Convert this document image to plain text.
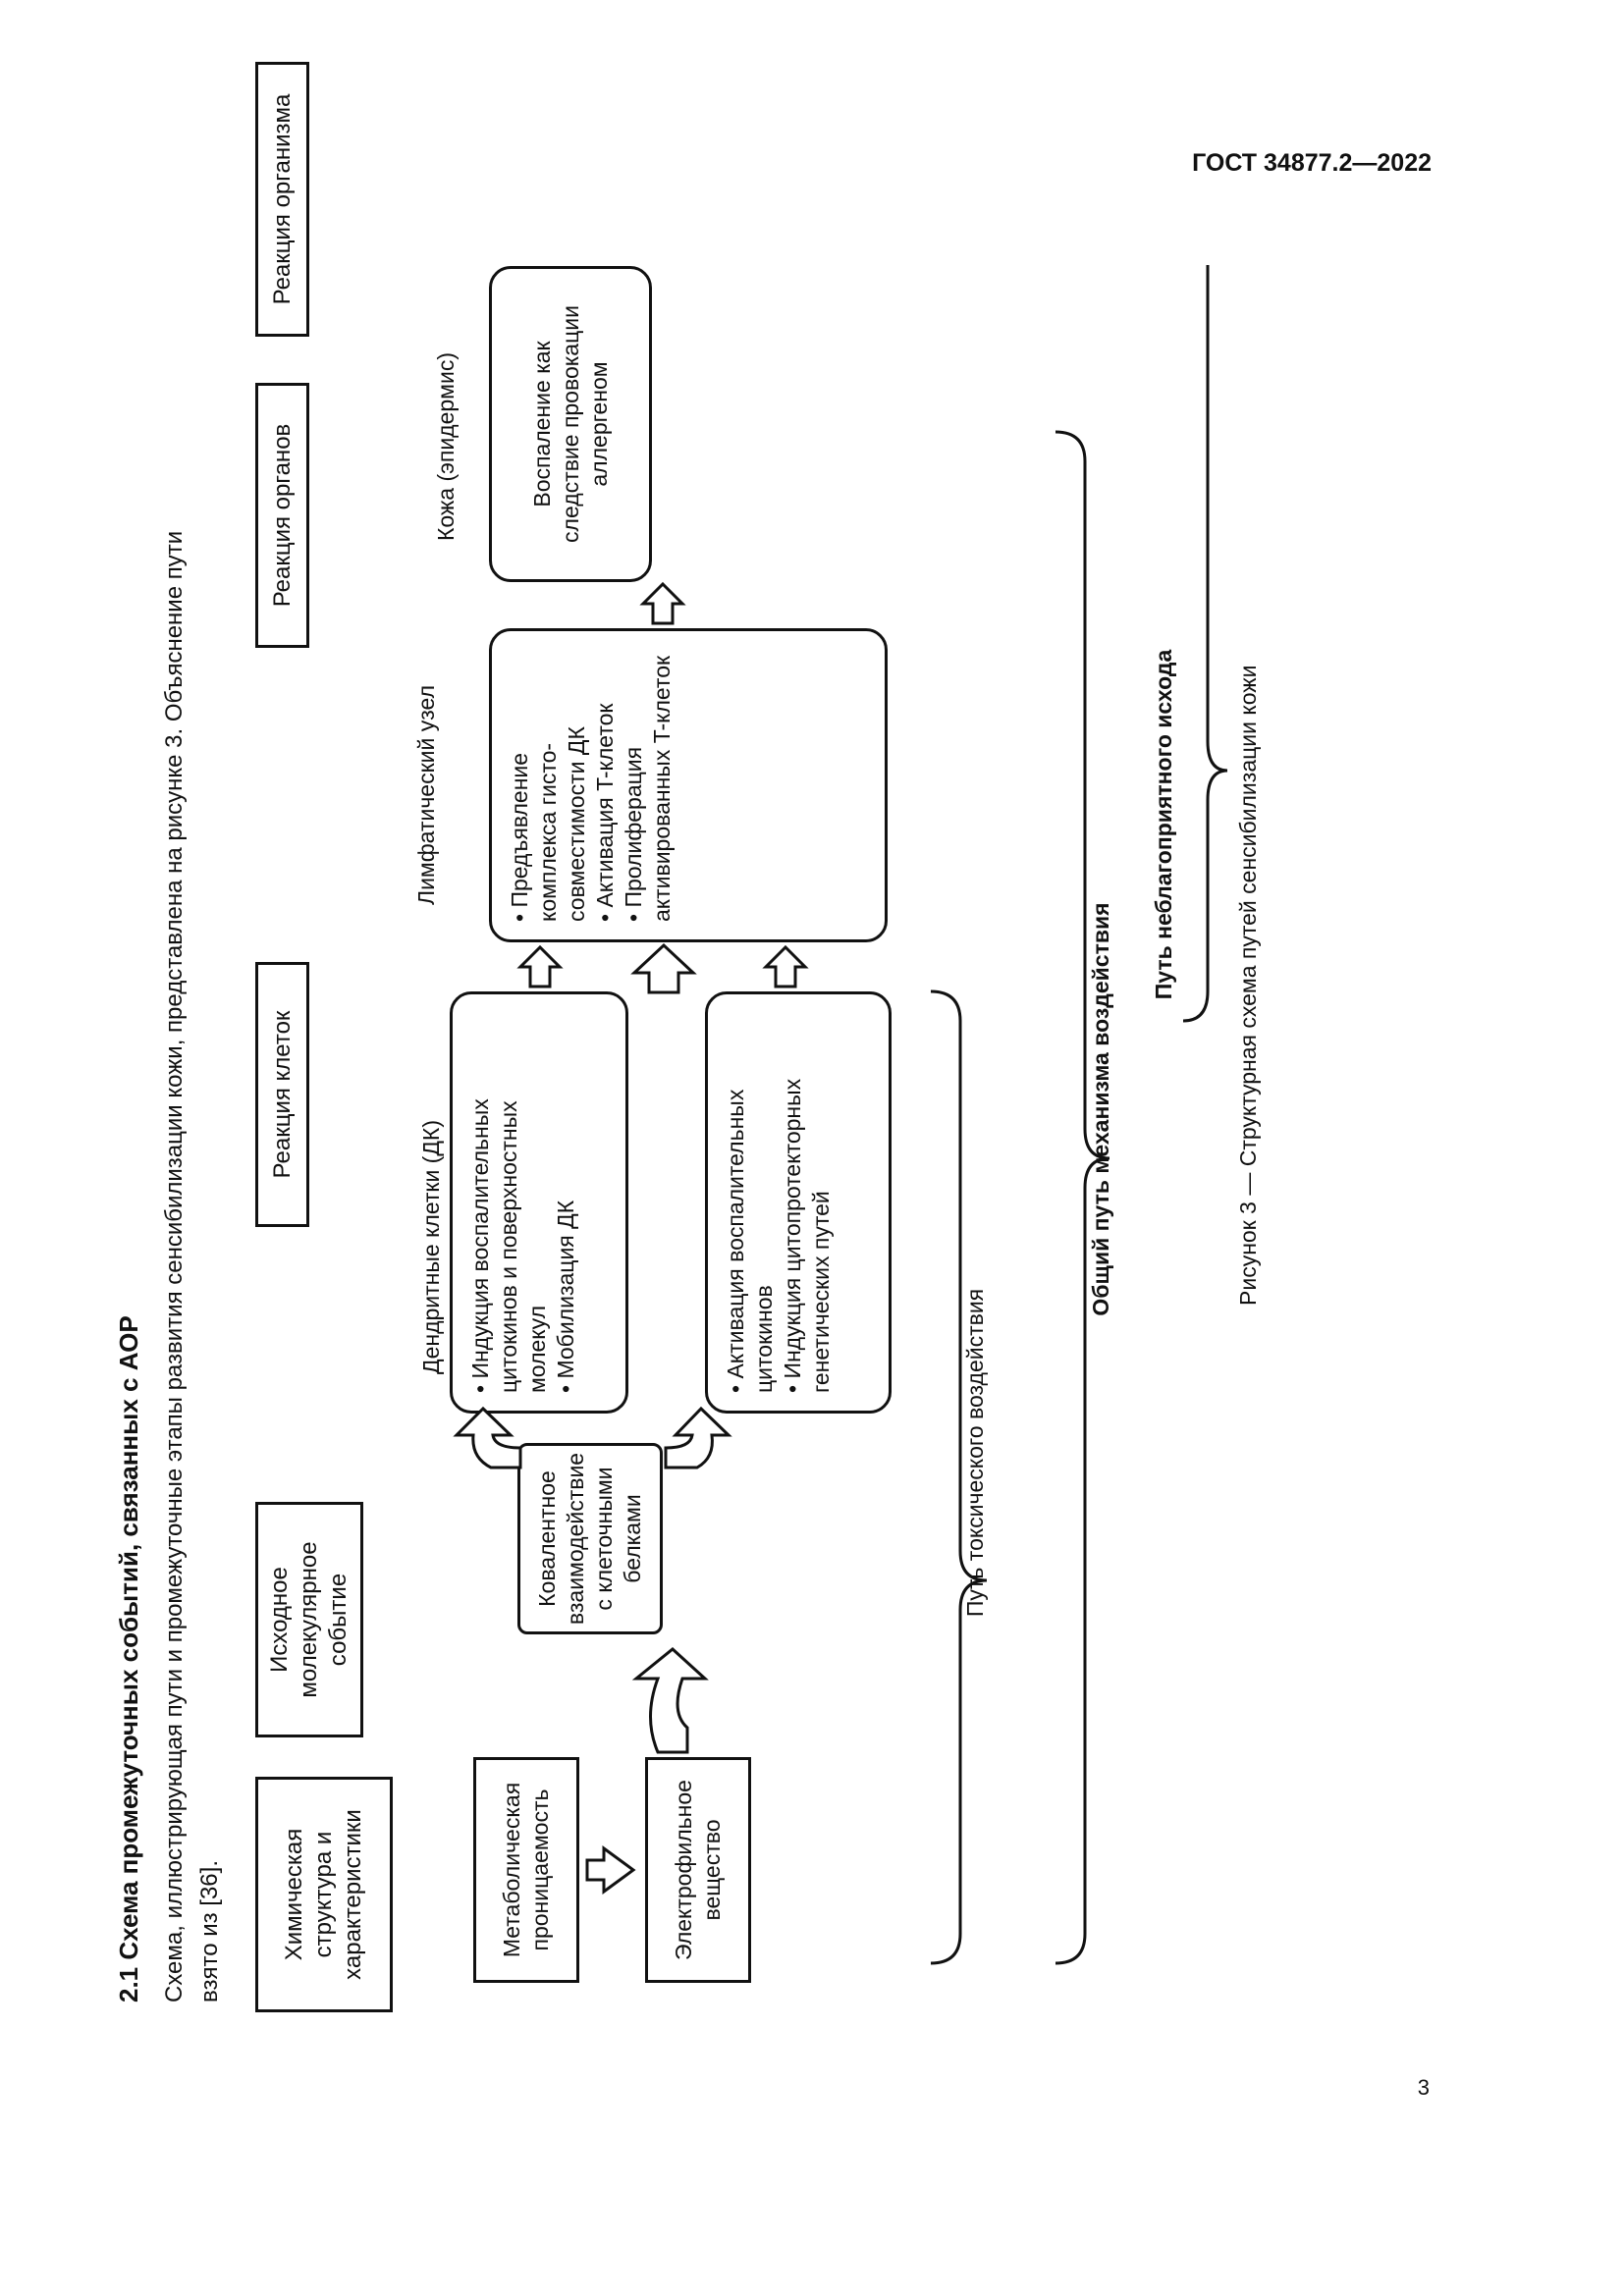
ГОСТ 34877.2—2022
3
2.1 Схема промежуточных событий, связанных с АОР Схема, иллюстрирующая пути и промежуточные этапы развития сенсибилизации кожи, представлена на рисунке 3. Объяснение пути взято из [36].	Химическая структура и характеристики
Исходное молекулярное событие
Реакция клеток
Реакция органов
Реакция организма
Метаболическая проницаемость	Электрофильное вещество
Ковалентное взаимодействие с клеточными белками
Дендритные клетки (ДК) • Индукция воспалительных цитокинов и поверхностных молекул • Мобилизация ДК	• Активация воспалительных цитокинов • Индукция цитопротекторных генетических путей
Лимфатический узел	• Предъявление комплекса гисто-совместимости ДК • Активация T-клеток • Пролиферация активированных T-клеток
Кожа (эпидермис)	Воспаление как следствие провокации аллергеном
Путь токсического воздействия
Общий путь механизма воздействия
Путь неблагоприятного исхода	Рисунок 3 — Структурная схема путей сенсибилизации кожи
